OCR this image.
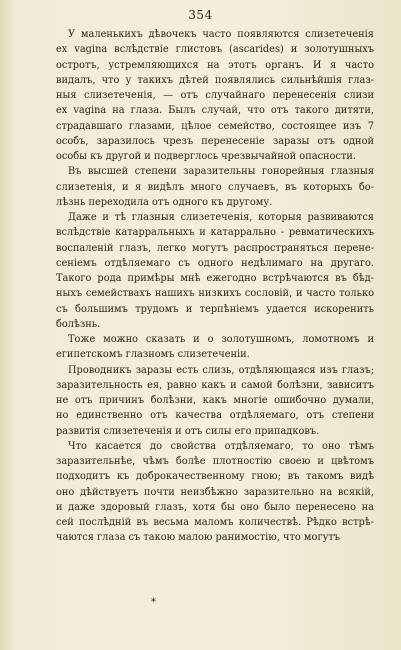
354

У маленькихъ дѣвочекъ часто появляются слизетеченія
ex vagina вслѣдствіе глистовъ (ascarides) и золотушныхъ
остротъ, устремляющихся на этотъ органъ. И я часто
видалъ, что у такихъ дѣтей появлялись сильнѣйшія глаз-
ныя слизетеченія, — отъ случайнаго перенесенія слизи
ex vagina на глаза. Былъ случай, что отъ такого дитяти,
страдавшаго глазами, цѣлое семейство, состоящее изъ 7
особъ, заразилось чрезъ перенесеніе заразы отъ одной
особы къ другой и подверглось чрезвычайной опасности.

Въ высшей степени заразительны гонорейныя глазныя
слизетенія, и я видѣлъ много случаевъ, въ которыхъ бо-
лѣзнь переходила отъ одного къ другому.

Даже и тѣ глазныя слизетеченія, которыя развиваются
вслѣдствіе катарральныхъ и катаррально - ревматическихъ
воспаленій глазъ, легко могутъ распространяться перене-
сеніемъ отдѣляемаго съ одного недѣлимаго на другаго.
Такого рода примѣры мнѣ ежегодно встрѣчаются въ бѣд-
ныхъ семействахъ нашихъ низкихъ сословій, и часто только
съ большимъ трудомъ и терпѣніемъ удается искоренить
болѣзнь.

Тоже можно сказать и о золотушномъ, ломотномъ и
египетскомъ глазномъ слизетеченіи.

Проводникъ заразы есть слизь, отдѣляющаяся изъ глазъ;
заразительность ея, равно какъ и самой болѣзни, зависитъ
не отъ причинъ болѣзни, какъ многіе ошибочно думали,
но единственно отъ качества отдѣляемаго, отъ степени
развитія слизетеченія и отъ силы его припадковъ.

Что касается до свойства отдѣляемаго, то оно тѣмъ
заразительнѣе, чѣмъ болѣе плотностію своею и цвѣтомъ
подходитъ къ доброкачественному гною; въ такомъ видѣ
оно дѣйствуетъ почти неизбѣжно заразительно на всякій,
и даже здоровый глазъ, хотя бы оно было перенесено на
сей послѣдній въ весьма маломъ количествѣ. Рѣдко встрѣ-
чаются глаза съ такою малою ранимостію, что могутъ

*
